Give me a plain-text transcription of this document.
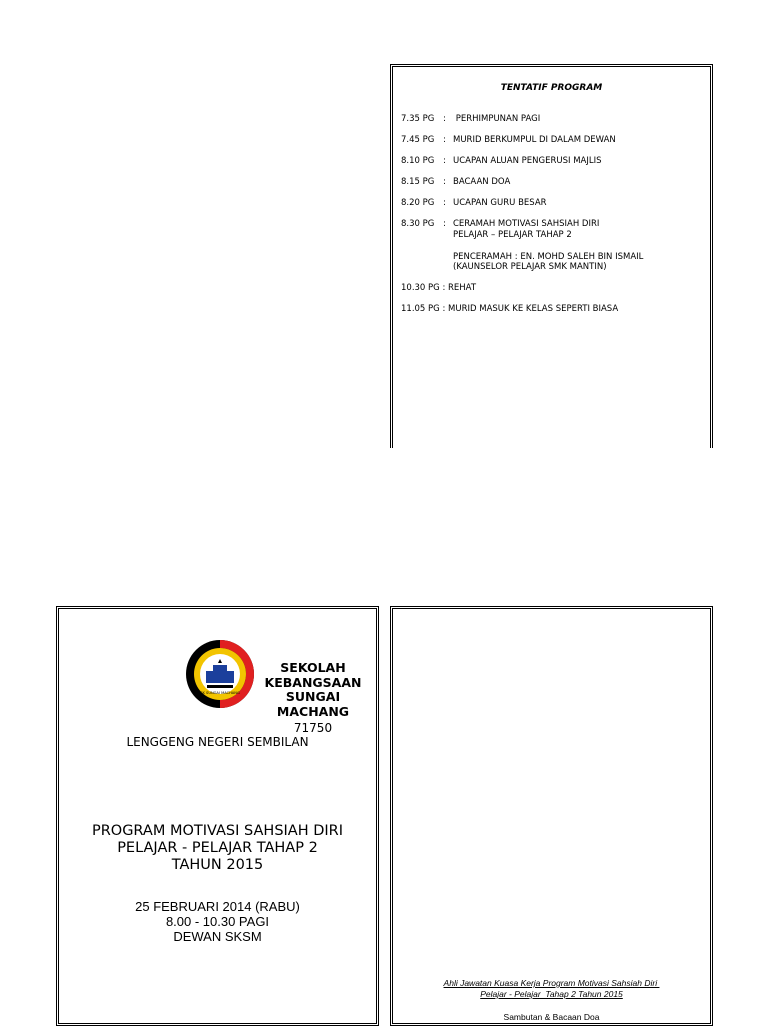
TENTATIF PROGRAM
7.35 PG	: PERHIMPUNAN PAGI
7.45 PG	: MURID BERKUMPUL DI DALAM DEWAN
8.10 PG	: UCAPAN ALUAN PENGERUSI MAJLIS
8.15 PG	: BACAAN DOA
8.20 PG	: UCAPAN GURU BESAR
8.30 PG	: CERAMAH MOTIVASI SAHSIAH DIRI
PELAJAR – PELAJAR TAHAP 2
PENCERAMAH : EN. MOHD SALEH BIN ISMAIL
(KAUNSELOR PELAJAR SMK MANTIN)
10.30 PG : REHAT
11.05 PG : MURID MASUK KE KELAS SEPERTI BIASA
SK SUNGAI MACHANG
SEKOLAH
KEBANGSAAN
SUNGAI
MACHANG
71750
LENGGENG NEGERI SEMBILAN
PROGRAM MOTIVASI SAHSIAH DIRI
PELAJAR - PELAJAR TAHAP 2
TAHUN 2015
25 FEBRUARI 2014 (RABU)
8.00 - 10.30 PAGI
DEWAN SKSM
Ahli Jawatan Kuasa Kerja Program Motivasi Sahsiah Diri
Pelajar - Pelajar  Tahap 2 Tahun 2015
Sambutan & Bacaan Doa
